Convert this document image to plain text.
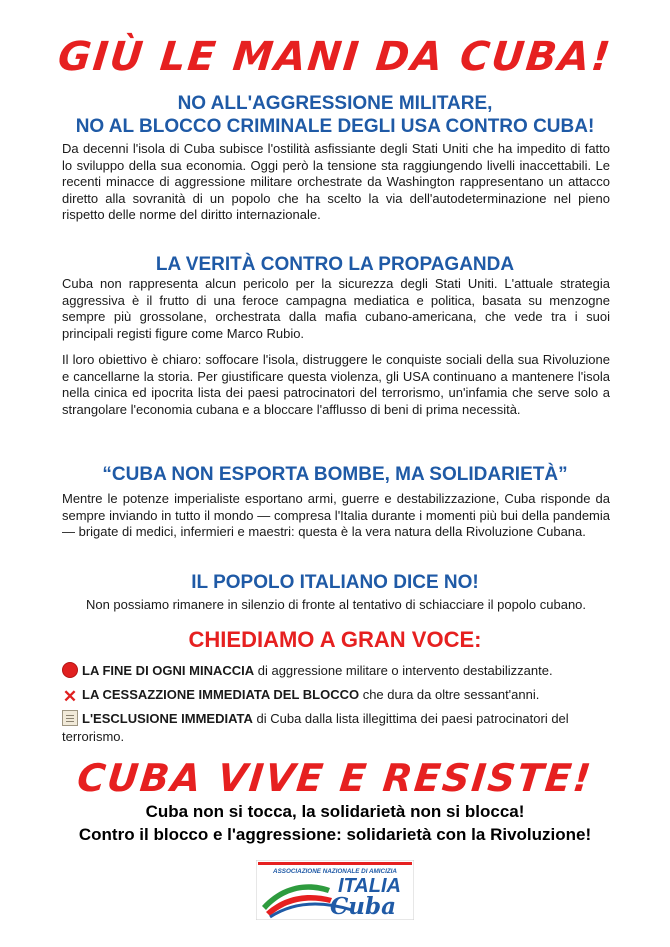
GIÙ LE MANI DA CUBA!
NO ALL'AGGRESSIONE MILITARE,
NO AL BLOCCO CRIMINALE DEGLI USA CONTRO CUBA!
Da decenni l'isola di Cuba subisce l'ostilità asfissiante degli Stati Uniti che ha impedito di fatto lo sviluppo della sua economia. Oggi però la tensione sta raggiungendo livelli inaccettabili. Le recenti minacce di aggressione militare orchestrate da Washington rappresentano un attacco diretto alla sovranità di un popolo che ha scelto la via dell'autodeterminazione nel pieno rispetto delle norme del diritto internazionale.
LA VERITÀ CONTRO LA PROPAGANDA
Cuba non rappresenta alcun pericolo per la sicurezza degli Stati Uniti. L'attuale strategia aggressiva è il frutto di una feroce campagna mediatica e politica, basata su menzogne sempre più grossolane, orchestrata dalla mafia cubano-americana, che vede tra i suoi principali registi figure come Marco Rubio.
Il loro obiettivo è chiaro: soffocare l'isola, distruggere le conquiste sociali della sua Rivoluzione e cancellarne la storia. Per giustificare questa violenza, gli USA continuano a mantenere l'isola nella cinica ed ipocrita lista dei paesi patrocinatori del terrorismo, un'infamia che serve solo a strangolare l'economia cubana e a bloccare l'afflusso di beni di prima necessità.
“CUBA NON ESPORTA BOMBE, MA SOLIDARIETÀ”
Mentre le potenze imperialiste esportano armi, guerre e destabilizzazione, Cuba risponde da sempre inviando in tutto il mondo — compresa l'Italia durante i momenti più bui della pandemia — brigate di medici, infermieri e maestri: questa è la vera natura della Rivoluzione Cubana.
IL POPOLO ITALIANO DICE NO!
Non possiamo rimanere in silenzio di fronte al tentativo di schiacciare il popolo cubano.
CHIEDIAMO A GRAN VOCE:
LA FINE DI OGNI MINACCIA di aggressione militare o intervento destabilizzante.
✕ LA CESSAZZIONE IMMEDIATA DEL BLOCCO che dura da oltre sessant'anni.
L'ESCLUSIONE IMMEDIATA di Cuba dalla lista illegittima dei paesi patrocinatori del terrorismo.
CUBA VIVE E RESISTE!
Cuba non si tocca, la solidarietà non si blocca!
Contro il blocco e l'aggressione: solidarietà con la Rivoluzione!
ASSOCIAZIONE NAZIONALE DI AMICIZIA
ITALIA
Cuba
